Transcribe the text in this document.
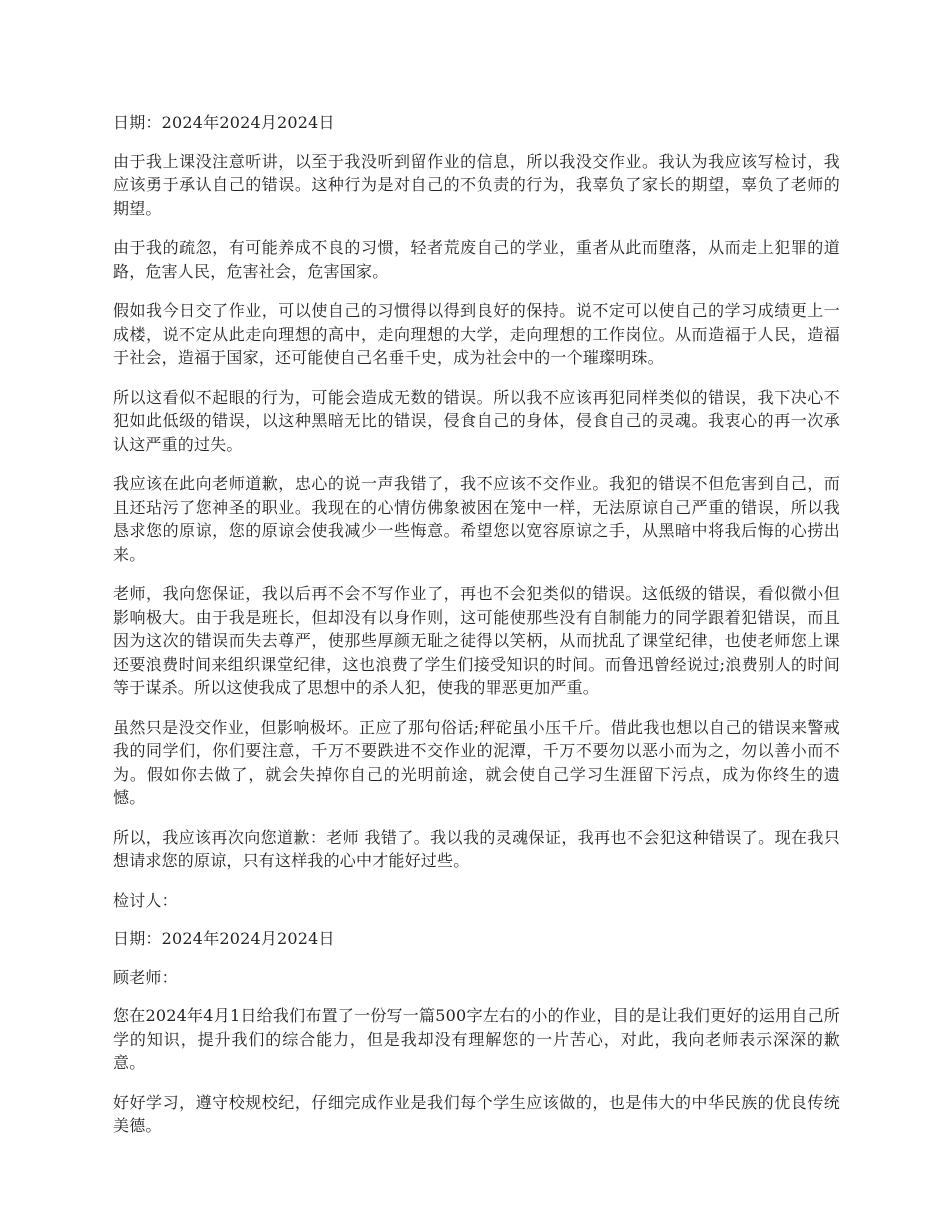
日期：2024年2024月2024日

由于我上课没注意听讲，以至于我没听到留作业的信息，所以我没交作业。我认为我应该写检讨，我应该勇于承认自己的错误。这种行为是对自己的不负责的行为，我辜负了家长的期望，辜负了老师的期望。

由于我的疏忽，有可能养成不良的习惯，轻者荒废自己的学业，重者从此而堕落，从而走上犯罪的道路，危害人民，危害社会，危害国家。

假如我今日交了作业，可以使自己的习惯得以得到良好的保持。说不定可以使自己的学习成绩更上一成楼，说不定从此走向理想的高中，走向理想的大学，走向理想的工作岗位。从而造福于人民，造福于社会，造福于国家，还可能使自己名垂千史，成为社会中的一个璀璨明珠。

所以这看似不起眼的行为，可能会造成无数的错误。所以我不应该再犯同样类似的错误，我下决心不犯如此低级的错误，以这种黑暗无比的错误，侵食自己的身体，侵食自己的灵魂。我衷心的再一次承认这严重的过失。

我应该在此向老师道歉，忠心的说一声我错了，我不应该不交作业。我犯的错误不但危害到自己，而且还玷污了您神圣的职业。我现在的心情仿佛象被困在笼中一样，无法原谅自己严重的错误，所以我恳求您的原谅，您的原谅会使我减少一些悔意。希望您以宽容原谅之手，从黑暗中将我后悔的心捞出来。

老师，我向您保证，我以后再不会不写作业了，再也不会犯类似的错误。这低级的错误，看似微小但影响极大。由于我是班长，但却没有以身作则，这可能使那些没有自制能力的同学跟着犯错误，而且因为这次的错误而失去尊严，使那些厚颜无耻之徒得以笑柄，从而扰乱了课堂纪律，也使老师您上课还要浪费时间来组织课堂纪律，这也浪费了学生们接受知识的时间。而鲁迅曾经说过;浪费别人的时间等于谋杀。所以这使我成了思想中的杀人犯，使我的罪恶更加严重。

虽然只是没交作业，但影响极坏。正应了那句俗话;秤砣虽小压千斤。借此我也想以自己的错误来警戒我的同学们，你们要注意，千万不要跌进不交作业的泥潭，千万不要勿以恶小而为之，勿以善小而不为。假如你去做了，就会失掉你自己的光明前途，就会使自己学习生涯留下污点，成为你终生的遗憾。

所以，我应该再次向您道歉：老师 我错了。我以我的灵魂保证，我再也不会犯这种错误了。现在我只想请求您的原谅，只有这样我的心中才能好过些。

检讨人：

日期：2024年2024月2024日

顾老师：

您在2024年4月1日给我们布置了一份写一篇500字左右的小的作业，目的是让我们更好的运用自己所学的知识，提升我们的综合能力，但是我却没有理解您的一片苦心，对此，我向老师表示深深的歉意。

好好学习，遵守校规校纪，仔细完成作业是我们每个学生应该做的，也是伟大的中华民族的优良传统美德。
